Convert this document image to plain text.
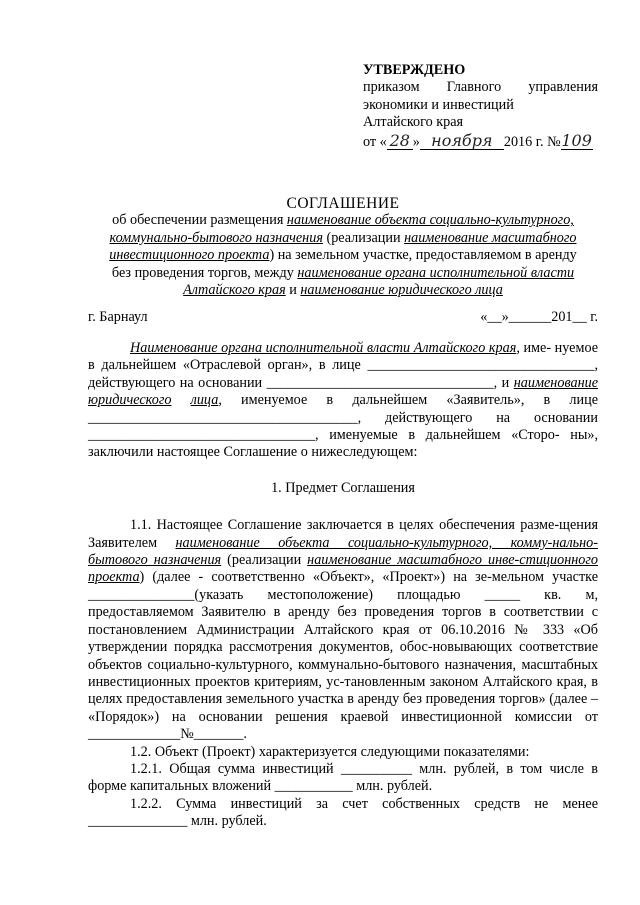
УТВЕРЖДЕНО
приказом Главного управления
экономики и инвестиций
Алтайского края
от « 28 » ноября 2016 г. №109
СОГЛАШЕНИЕ
об обеспечении размещения наименование объекта социально-культурного,
коммунально-бытового назначения (реализации наименование масштабного
инвестиционного проекта) на земельном участке, предоставляемом в аренду
без проведения торгов, между наименование органа исполнительной власти
Алтайского края и наименование юридического лица
г. Барнаул	«__»______201__ г.

Наименование органа исполнительной власти Алтайского края, име- нуемое в дальнейшем «Отраслевой орган», в лице ________________________________, действующего на основании ________________________________, и наименование юридического лица, именуемое в дальнейшем «Заявитель», в лице ______________________________________, действующего на основании ________________________________, именуемые в дальнейшем «Сторо- ны», заключили настоящее Соглашение о нижеследующем:

1. Предмет Соглашения

1.1. Настоящее Соглашение заключается в целях обеспечения разме-щения Заявителем наименование объекта социально-культурного, комму-нально-бытового назначения (реализации наименование масштабного инве-стиционного проекта) (далее - соответственно «Объект», «Проект») на зе-мельном участке _______________(указать местоположение) площадью _____ кв. м, предоставляемом Заявителю в аренду без проведения торгов в соответствии с постановлением Администрации Алтайского края от 06.10.2016 № 333 «Об утверждении порядка рассмотрения документов, обос-новывающих соответствие объектов социально-культурного, коммунально-бытового назначения, масштабных инвестиционных проектов критериям, ус-тановленным законом Алтайского края, в целях предоставления земельного участка в аренду без проведения торгов» (далее – «Порядок») на основании решения краевой инвестиционной комиссии от _____________№_______.

1.2. Объект (Проект) характеризуется следующими показателями:

1.2.1. Общая сумма инвестиций __________ млн. рублей, в том числе в форме капитальных вложений ___________ млн. рублей.

1.2.2. Сумма инвестиций за счет собственных средств не менее ______________ млн. рублей.
